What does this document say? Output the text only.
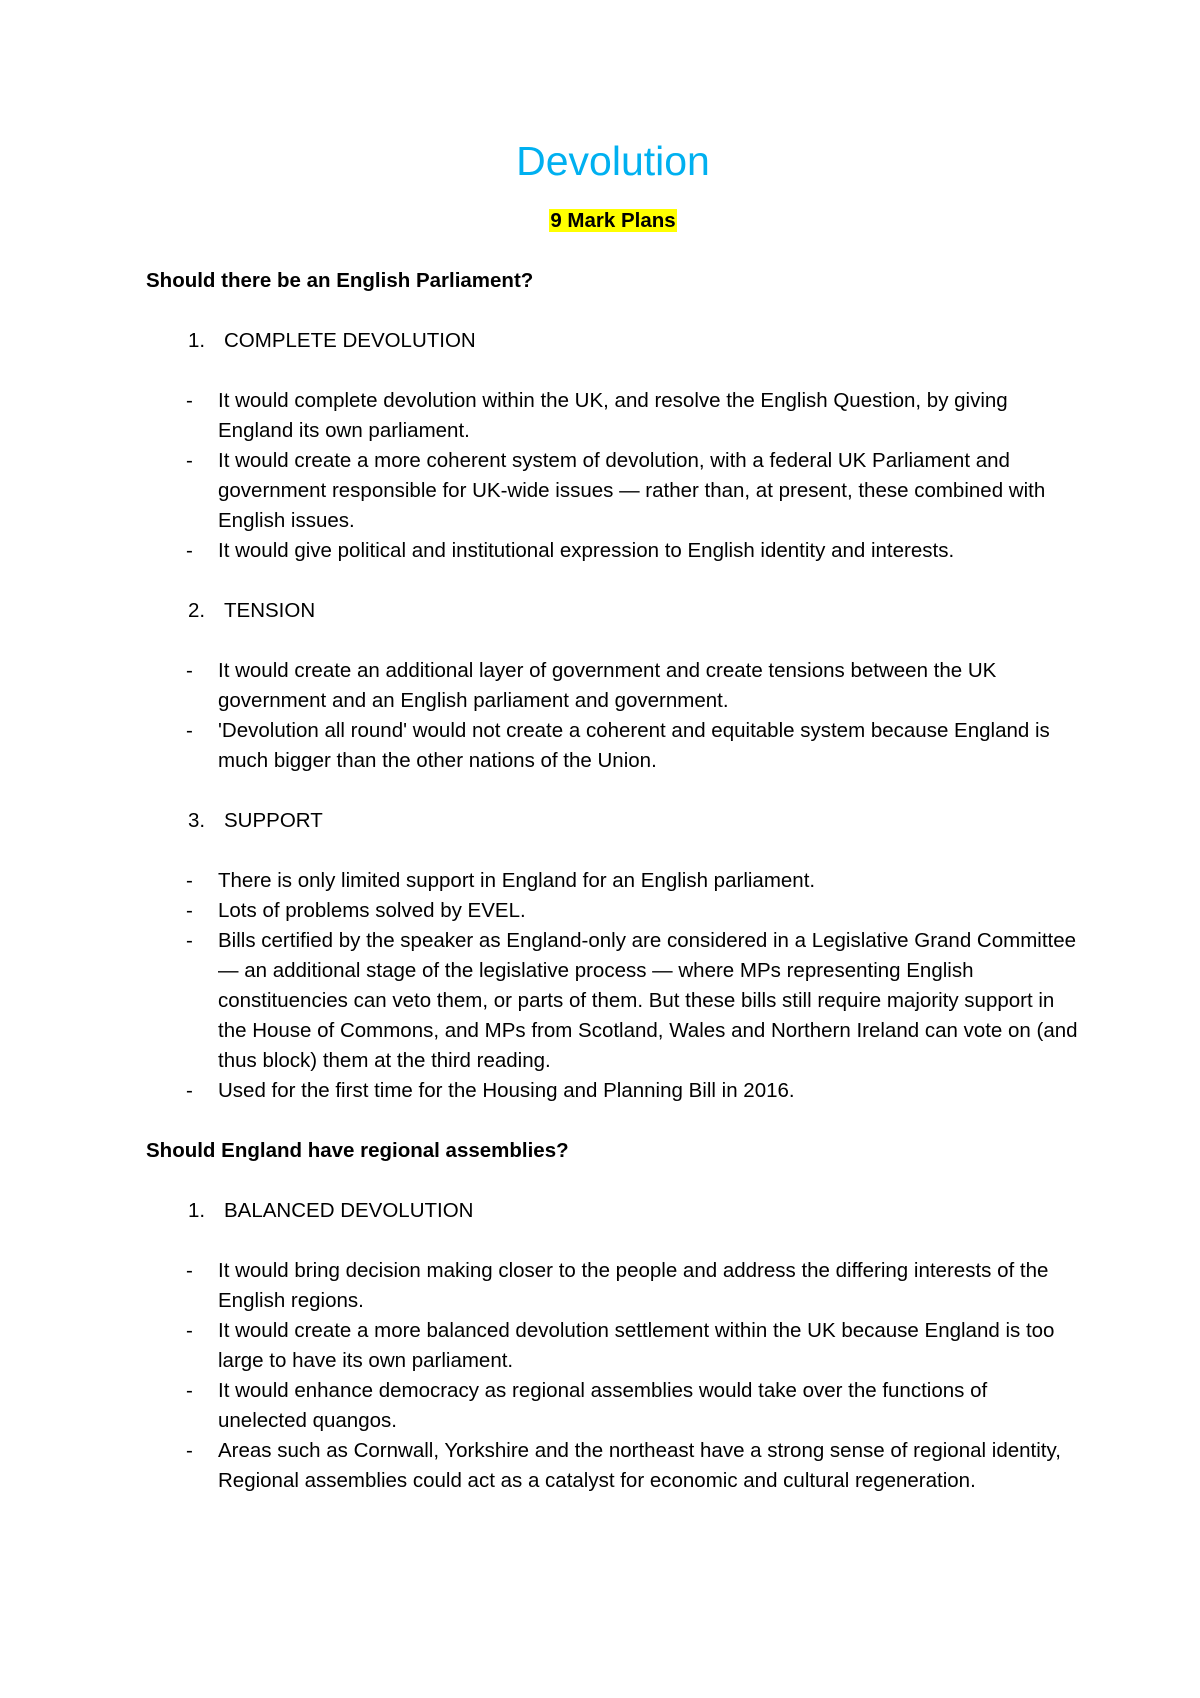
Devolution

9 Mark Plans

Should there be an English Parliament?

1. COMPLETE DEVOLUTION
-	It would complete devolution within the UK, and resolve the English Question, by giving England its own parliament.
-	It would create a more coherent system of devolution, with a federal UK Parliament and government responsible for UK-wide issues — rather than, at present, these combined with English issues.
-	It would give political and institutional expression to English identity and interests.
2. TENSION
-	It would create an additional layer of government and create tensions between the UK government and an English parliament and government.
-	'Devolution all round' would not create a coherent and equitable system because England is much bigger than the other nations of the Union.
3. SUPPORT
-	There is only limited support in England for an English parliament.
-	Lots of problems solved by EVEL.
-	Bills certified by the speaker as England-only are considered in a Legislative Grand Committee — an additional stage of the legislative process — where MPs representing English constituencies can veto them, or parts of them. But these bills still require majority support in the House of Commons, and MPs from Scotland, Wales and Northern Ireland can vote on (and thus block) them at the third reading.
-	Used for the first time for the Housing and Planning Bill in 2016.

Should England have regional assemblies?

1. BALANCED DEVOLUTION
-	It would bring decision making closer to the people and address the differing interests of the English regions.
-	It would create a more balanced devolution settlement within the UK because England is too large to have its own parliament.
-	It would enhance democracy as regional assemblies would take over the functions of unelected quangos.
-	Areas such as Cornwall, Yorkshire and the northeast have a strong sense of regional identity, Regional assemblies could act as a catalyst for economic and cultural regeneration.
